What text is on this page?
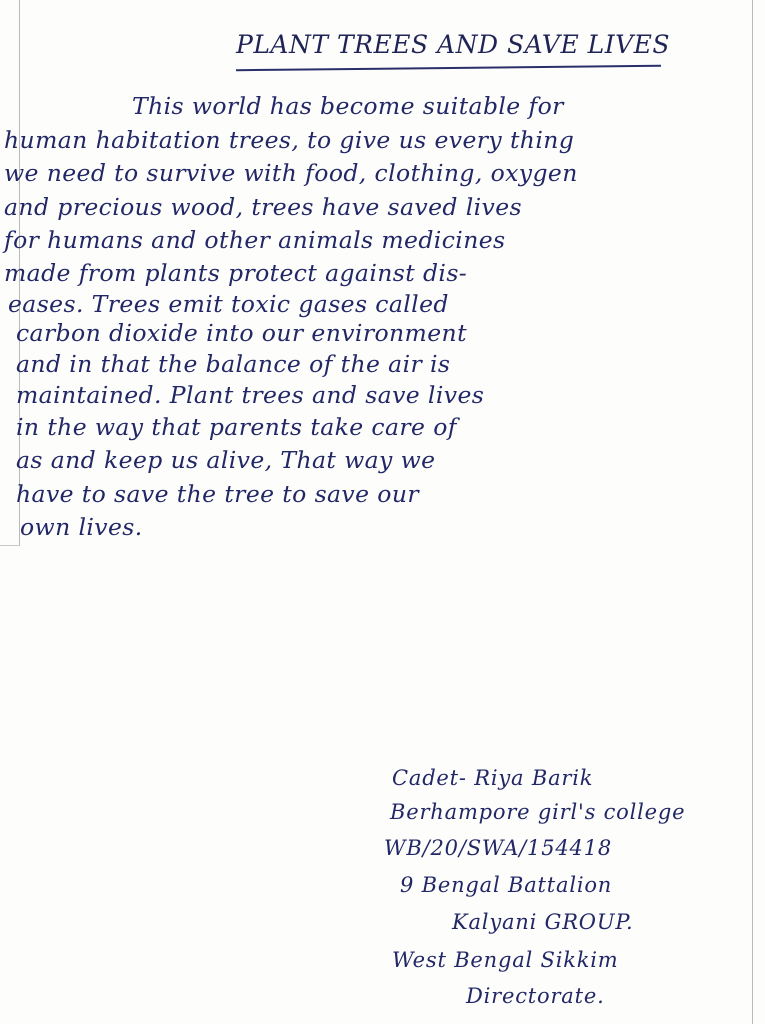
PLANT TREES AND SAVE LIVES
This world has become suitable for
human habitation trees, to give us every thing
we need to survive with food, clothing, oxygen
and precious wood, trees have saved lives
for humans and other animals medicines
made from plants protect against dis-
eases. Trees emit toxic gases called
carbon dioxide into our environment
and in that the balance of the air is
maintained. Plant trees and save lives
in the way that parents take care of
as and keep us alive, That way we
have to save the tree to save our
own lives.
Cadet- Riya Barik
Berhampore girl's college
WB/20/SWA/154418
9 Bengal Battalion
Kalyani GROUP.
West Bengal Sikkim
Directorate.
